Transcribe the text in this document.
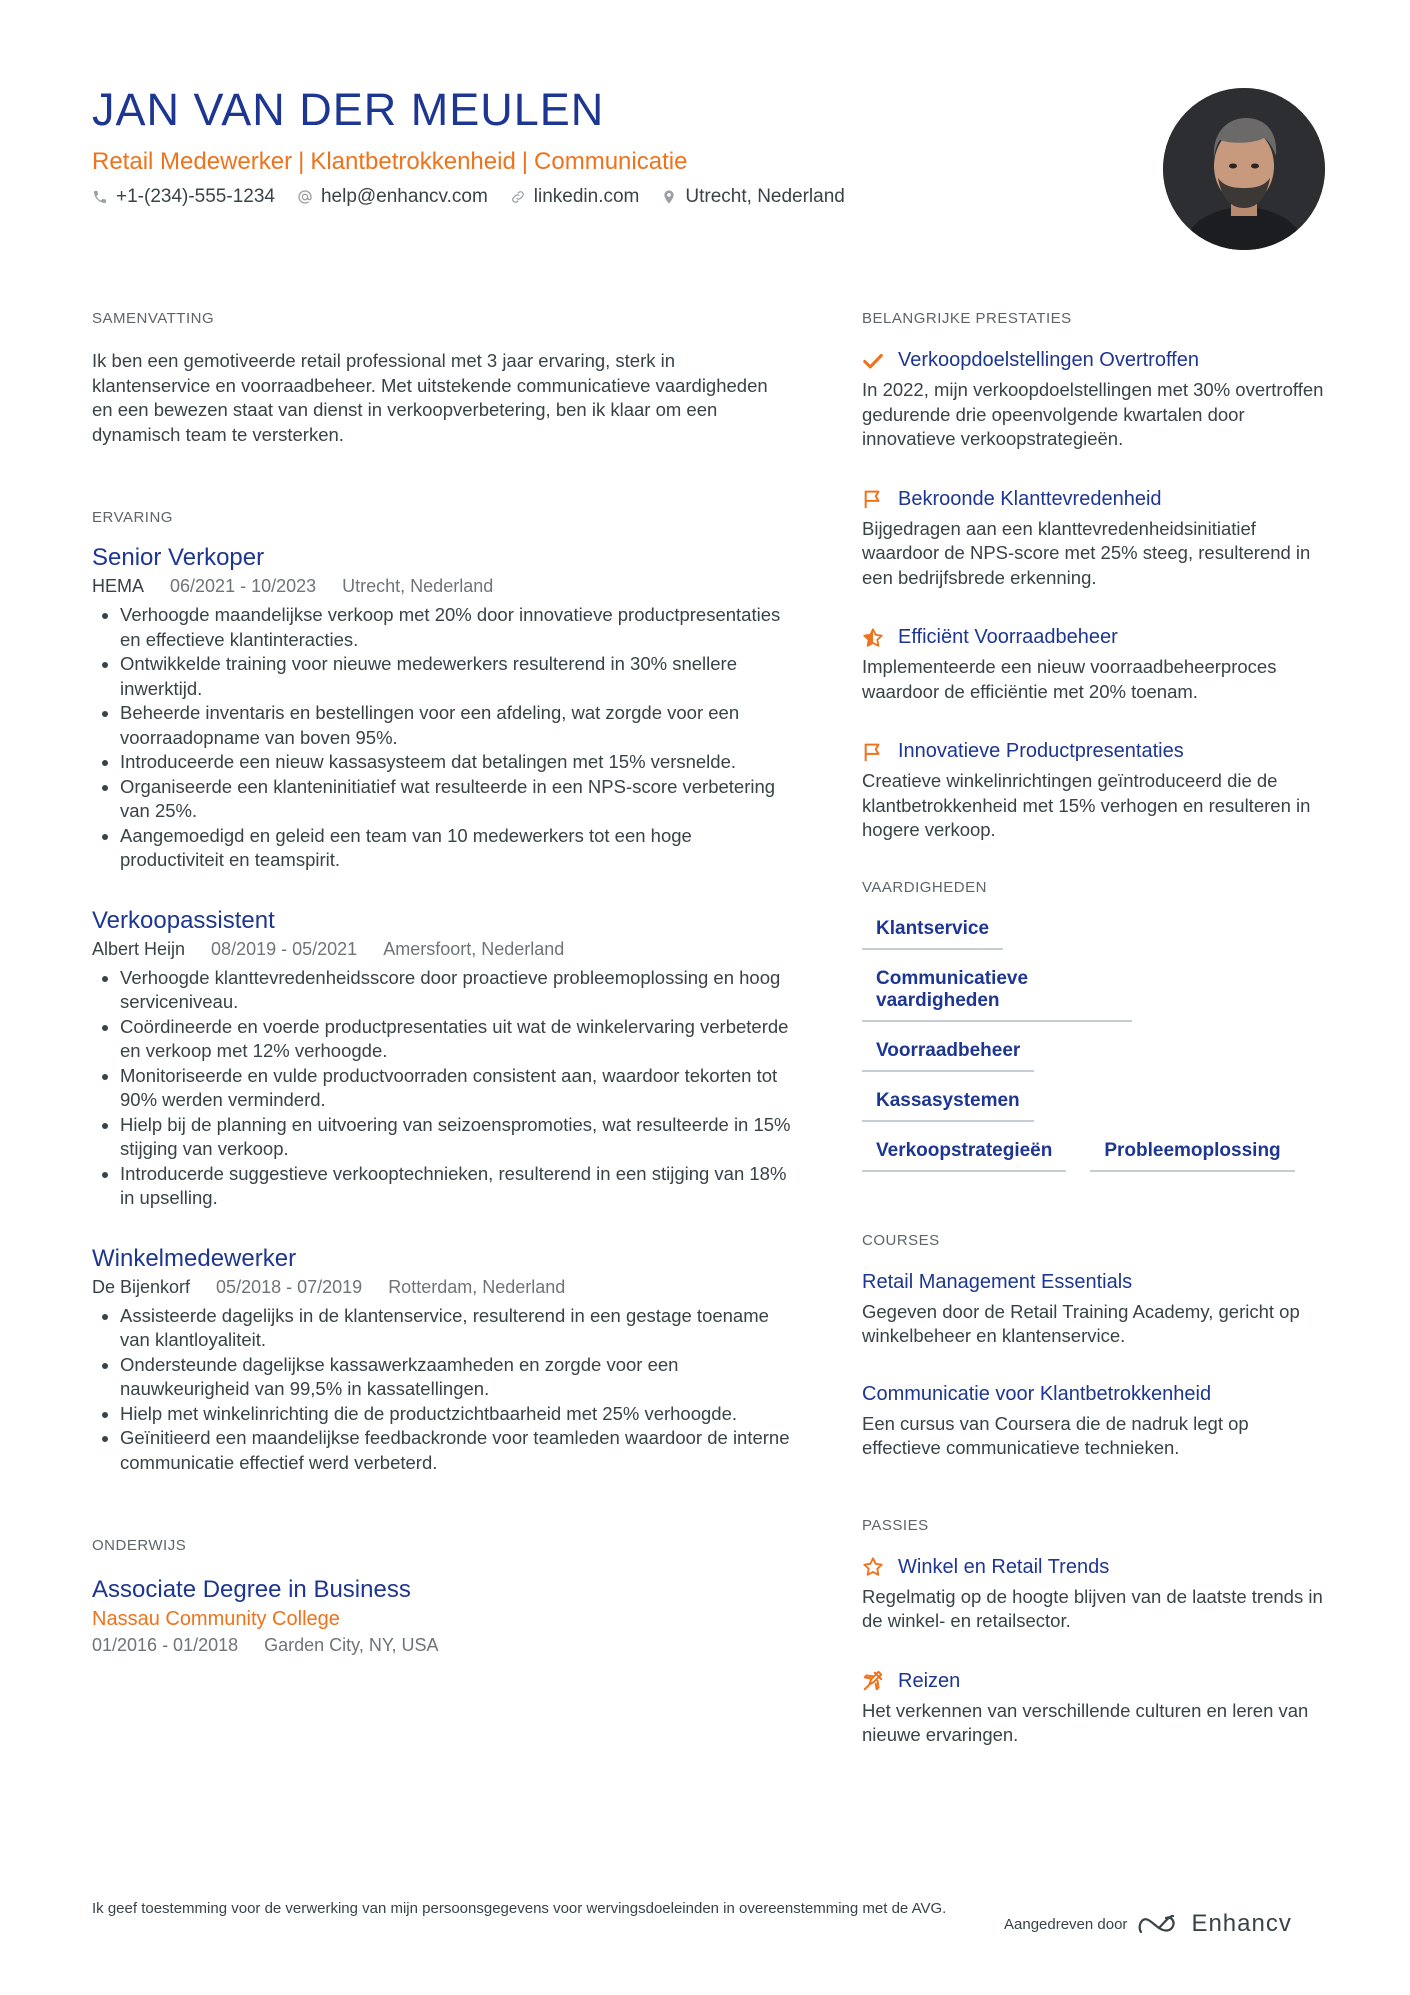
JAN VAN DER MEULEN
Retail Medewerker | Klantbetrokkenheid | Communicatie
+1-(234)-555-1234 help@enhancv.com linkedin.com Utrecht, Nederland
SAMENVATTING

Ik ben een gemotiveerde retail professional met 3 jaar ervaring, sterk in klantenservice en voorraadbeheer. Met uitstekende communicatieve vaardigheden en een bewezen staat van dienst in verkoopverbetering, ben ik klaar om een dynamisch team te versterken.

ERVARING
Senior Verkoper
HEMA 06/2021 - 10/2023 Utrecht, Nederland
• Verhoogde maandelijkse verkoop met 20% door innovatieve productpresentaties en effectieve klantinteracties.
• Ontwikkelde training voor nieuwe medewerkers resulterend in 30% snellere inwerktijd.
• Beheerde inventaris en bestellingen voor een afdeling, wat zorgde voor een voorraadopname van boven 95%.
• Introduceerde een nieuw kassasysteem dat betalingen met 15% versnelde.
• Organiseerde een klanteninitiatief wat resulteerde in een NPS-score verbetering van 25%.
• Aangemoedigd en geleid een team van 10 medewerkers tot een hoge productiviteit en teamspirit.
Verkoopassistent
Albert Heijn 08/2019 - 05/2021 Amersfoort, Nederland
• Verhoogde klanttevredenheidsscore door proactieve probleemoplossing en hoog serviceniveau.
• Coördineerde en voerde productpresentaties uit wat de winkelervaring verbeterde en verkoop met 12% verhoogde.
• Monitoriseerde en vulde productvoorraden consistent aan, waardoor tekorten tot 90% werden verminderd.
• Hielp bij de planning en uitvoering van seizoenspromoties, wat resulteerde in 15% stijging van verkoop.
• Introducerde suggestieve verkooptechnieken, resulterend in een stijging van 18% in upselling.
Winkelmedewerker
De Bijenkorf 05/2018 - 07/2019 Rotterdam, Nederland
• Assisteerde dagelijks in de klantenservice, resulterend in een gestage toename van klantloyaliteit.
• Ondersteunde dagelijkse kassawerkzaamheden en zorgde voor een nauwkeurigheid van 99,5% in kassatellingen.
• Hielp met winkelinrichting die de productzichtbaarheid met 25% verhoogde.
• Geïnitieerd een maandelijkse feedbackronde voor teamleden waardoor de interne communicatie effectief werd verbeterd.
ONDERWIJS
Associate Degree in Business
Nassau Community College
01/2016 - 01/2018 Garden City, NY, USA
BELANGRIJKE PRESTATIES
Verkoopdoelstellingen Overtroffen

In 2022, mijn verkoopdoelstellingen met 30% overtroffen gedurende drie opeenvolgende kwartalen door innovatieve verkoopstrategieën.

Bekroonde Klanttevredenheid

Bijgedragen aan een klanttevredenheidsinitiatief waardoor de NPS-score met 25% steeg, resulterend in een bedrijfsbrede erkenning.

Efficiënt Voorraadbeheer

Implementeerde een nieuw voorraadbeheerproces waardoor de efficiëntie met 20% toenam.

Innovatieve Productpresentaties

Creatieve winkelinrichtingen geïntroduceerd die de klantbetrokkenheid met 15% verhogen en resulteren in hogere verkoop.

VAARDIGHEDEN
Klantservice
Communicatieve vaardigheden
Voorraadbeheer
Kassasystemen
Verkoopstrategieën	Probleemoplossing
COURSES
Retail Management Essentials

Gegeven door de Retail Training Academy, gericht op winkelbeheer en klantenservice.

Communicatie voor Klantbetrokkenheid

Een cursus van Coursera die de nadruk legt op effectieve communicatieve technieken.

PASSIES
Winkel en Retail Trends

Regelmatig op de hoogte blijven van de laatste trends in de winkel- en retailsector.

Reizen

Het verkennen van verschillende culturen en leren van nieuwe ervaringen.

Ik geef toestemming voor de verwerking van mijn persoonsgegevens voor wervingsdoeleinden in overeenstemming met de AVG.
Aangedreven door	Enhancv
